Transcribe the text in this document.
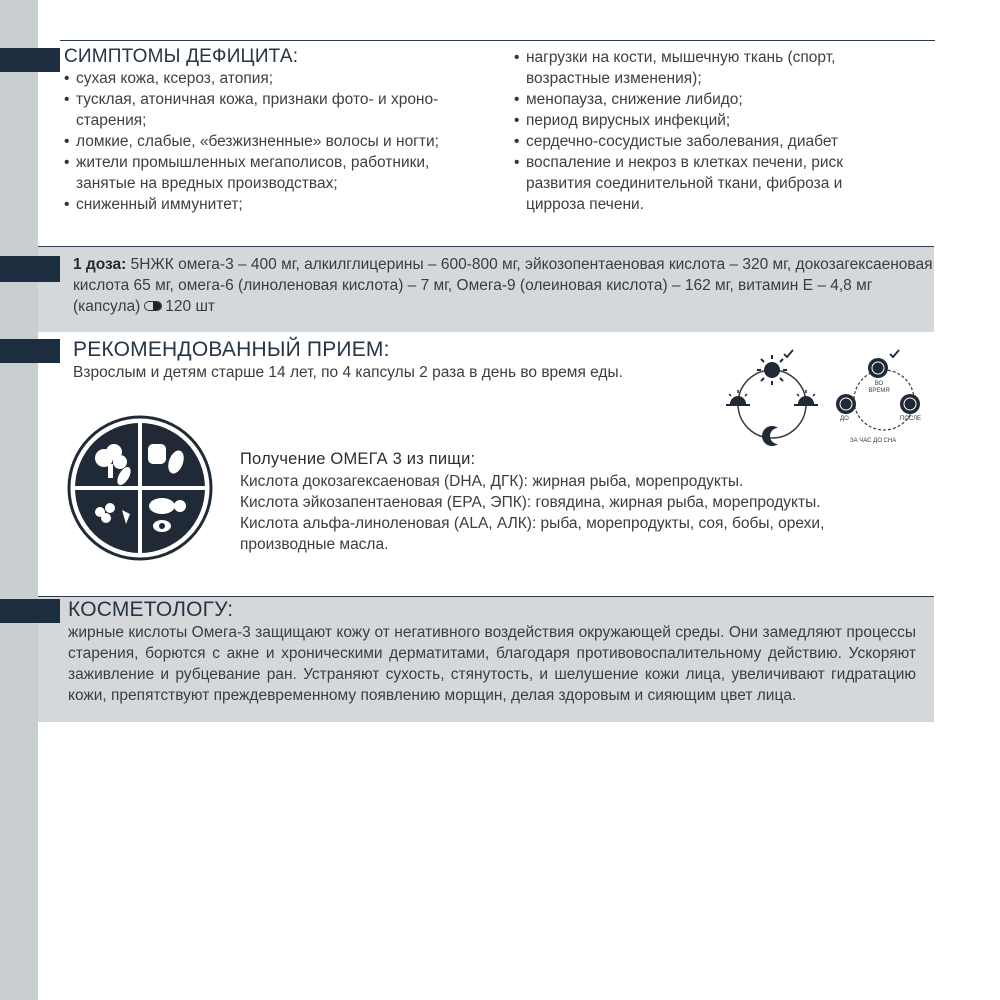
СИМПТОМЫ ДЕФИЦИТА:
• сухая кожа, ксероз, атопия;
• тусклая, атоничная кожа, признаки фото- и хроно- старения;
• ломкие, слабые, «безжизненные» волосы и ногти;
• жители промышленных мегаполисов, работники, занятые на вредных производствах;
• сниженный иммунитет;
• нагрузки на кости, мышечную ткань (спорт, возрастные изменения);
• менопауза, снижение либидо;
• период вирусных инфекций;
• сердечно-сосудистые заболевания, диабет
• воспаление и некроз в клетках печени, риск развития соединительной ткани, фиброза и цирроза печени.
1 доза: 5НЖК омега-3 – 400 мг, алкилглицерины – 600-800 мг, эйкозопентаеновая кислота – 320 мг, докозагексаеновая кислота 65 мг, омега-6 (линоленовая кислота) – 7 мг, Омега-9 (олеиновая кислота) – 162 мг, витамин Е – 4,8 мг (капсула) 120 шт
РЕКОМЕНДОВАННЫЙ ПРИЕМ:
Взрослым и детям старше 14 лет, по 4 капсулы 2 раза в день во время еды.
ВО ВРЕМЯ
ДО	ПОСЛЕ
ЗА ЧАС ДО СНА
Получение ОМЕГА 3 из пищи:
Кислота докозагексаеновая (DHA, ДГК): жирная рыба, морепродукты.
Кислота эйкозапентаеновая (EPA, ЭПК): говядина, жирная рыба, морепродукты.
Кислота альфа-линоленовая (ALA, АЛК): рыба, морепродукты, соя, бобы, орехи, производные масла.
КОСМЕТОЛОГУ:
жирные кислоты Омега-3 защищают кожу от негативного воздействия окружающей среды. Они замедляют процессы старения, борются с акне и хроническими дерматитами, благодаря противовоспалительному действию. Ускоряют заживление и рубцевание ран. Устраняют сухость, стянутость, и шелушение кожи лица, увеличивают гидратацию кожи, препятствуют преждевременному появлению морщин, делая здоровым и сияющим цвет лица.
